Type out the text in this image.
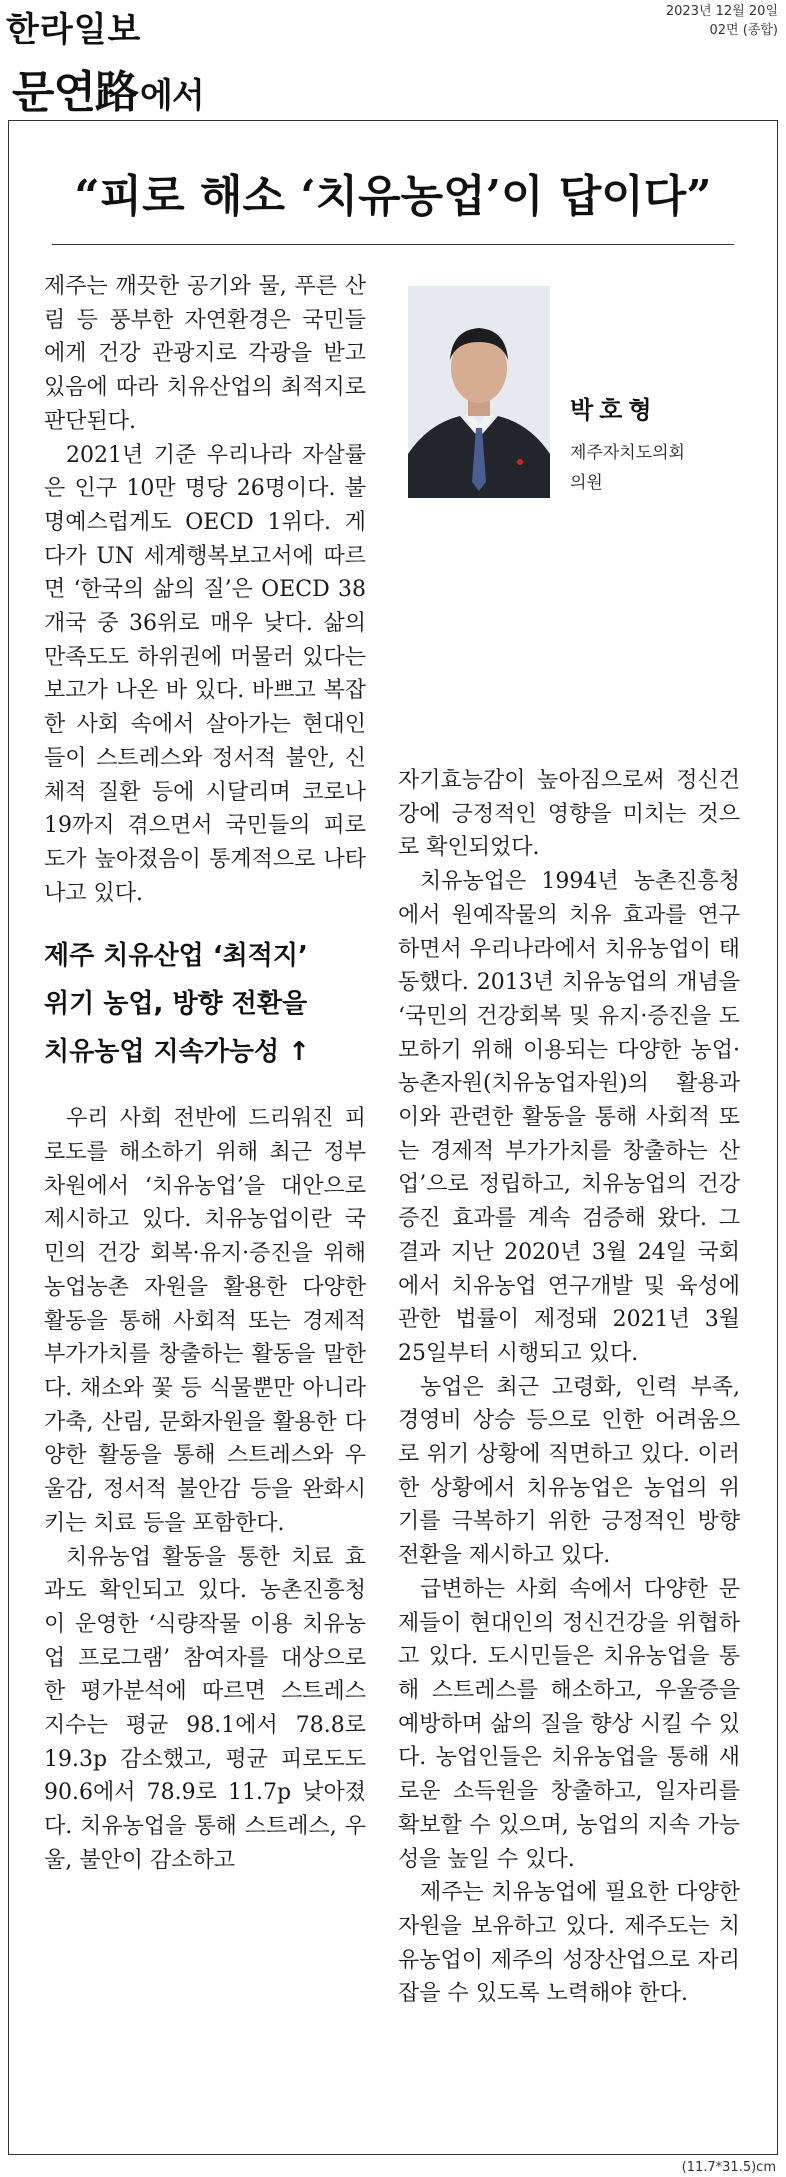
한라일보
문연路에서
2023년 12월 20일
02면 (종합)
“피로 해소 ‘치유농업’이 답이다”

제주는 깨끗한 공기와 물, 푸른 산림 등 풍부한 자연환경은 국민들에게 건강 관광지로 각광을 받고 있음에 따라 치유산업의 최적지로 판단된다.

2021년 기준 우리나라 자살률은 인구 10만 명당 26명이다. 불명예스럽게도 OECD 1위다. 게다가 UN 세계행복보고서에 따르면 ‘한국의 삶의 질’은 OECD 38개국 중 36위로 매우 낮다. 삶의 만족도도 하위권에 머물러 있다는 보고가 나온 바 있다. 바쁘고 복잡한 사회 속에서 살아가는 현대인들이 스트레스와 정서적 불안, 신체적 질환 등에 시달리며 코로나19까지 겪으면서 국민들의 피로도가 높아졌음이 통계적으로 나타나고 있다.

제주 치유산업 ‘최적지’
위기 농업, 방향 전환을
치유농업 지속가능성 ↑

우리 사회 전반에 드리워진 피로도를 해소하기 위해 최근 정부차원에서 ‘치유농업’을 대안으로 제시하고 있다. 치유농업이란 국민의 건강 회복·유지·증진을 위해 농업농촌 자원을 활용한 다양한 활동을 통해 사회적 또는 경제적 부가가치를 창출하는 활동을 말한다. 채소와 꽃 등 식물뿐만 아니라 가축, 산림, 문화자원을 활용한 다양한 활동을 통해 스트레스와 우울감, 정서적 불안감 등을 완화시키는 치료 등을 포함한다.

치유농업 활동을 통한 치료 효과도 확인되고 있다. 농촌진흥청이 운영한 ‘식량작물 이용 치유농업 프로그램’ 참여자를 대상으로 한 평가분석에 따르면 스트레스 지수는 평균 98.1에서 78.8로 19.3p 감소했고, 평균 피로도도 90.6에서 78.9로 11.7p 낮아졌다. 치유농업을 통해 스트레스, 우울, 불안이 감소하고

박호형
제주자치도의회
의원

자기효능감이 높아짐으로써 정신건강에 긍정적인 영향을 미치는 것으로 확인되었다.

치유농업은 1994년 농촌진흥청에서 원예작물의 치유 효과를 연구하면서 우리나라에서 치유농업이 태동했다. 2013년 치유농업의 개념을 ‘국민의 건강회복 및 유지·증진을 도모하기 위해 이용되는 다양한 농업·농촌자원(치유농업자원)의 활용과 이와 관련한 활동을 통해 사회적 또는 경제적 부가가치를 창출하는 산업’으로 정립하고, 치유농업의 건강증진 효과를 계속 검증해 왔다. 그 결과 지난 2020년 3월 24일 국회에서 치유농업 연구개발 및 육성에 관한 법률이 제정돼 2021년 3월 25일부터 시행되고 있다.

농업은 최근 고령화, 인력 부족, 경영비 상승 등으로 인한 어려움으로 위기 상황에 직면하고 있다. 이러한 상황에서 치유농업은 농업의 위기를 극복하기 위한 긍정적인 방향 전환을 제시하고 있다.

급변하는 사회 속에서 다양한 문제들이 현대인의 정신건강을 위협하고 있다. 도시민들은 치유농업을 통해 스트레스를 해소하고, 우울증을 예방하며 삶의 질을 향상 시킬 수 있다. 농업인들은 치유농업을 통해 새로운 소득원을 창출하고, 일자리를 확보할 수 있으며, 농업의 지속 가능성을 높일 수 있다.

제주는 치유농업에 필요한 다양한 자원을 보유하고 있다. 제주도는 치유농업이 제주의 성장산업으로 자리잡을 수 있도록 노력해야 한다.

(11.7*31.5)cm
